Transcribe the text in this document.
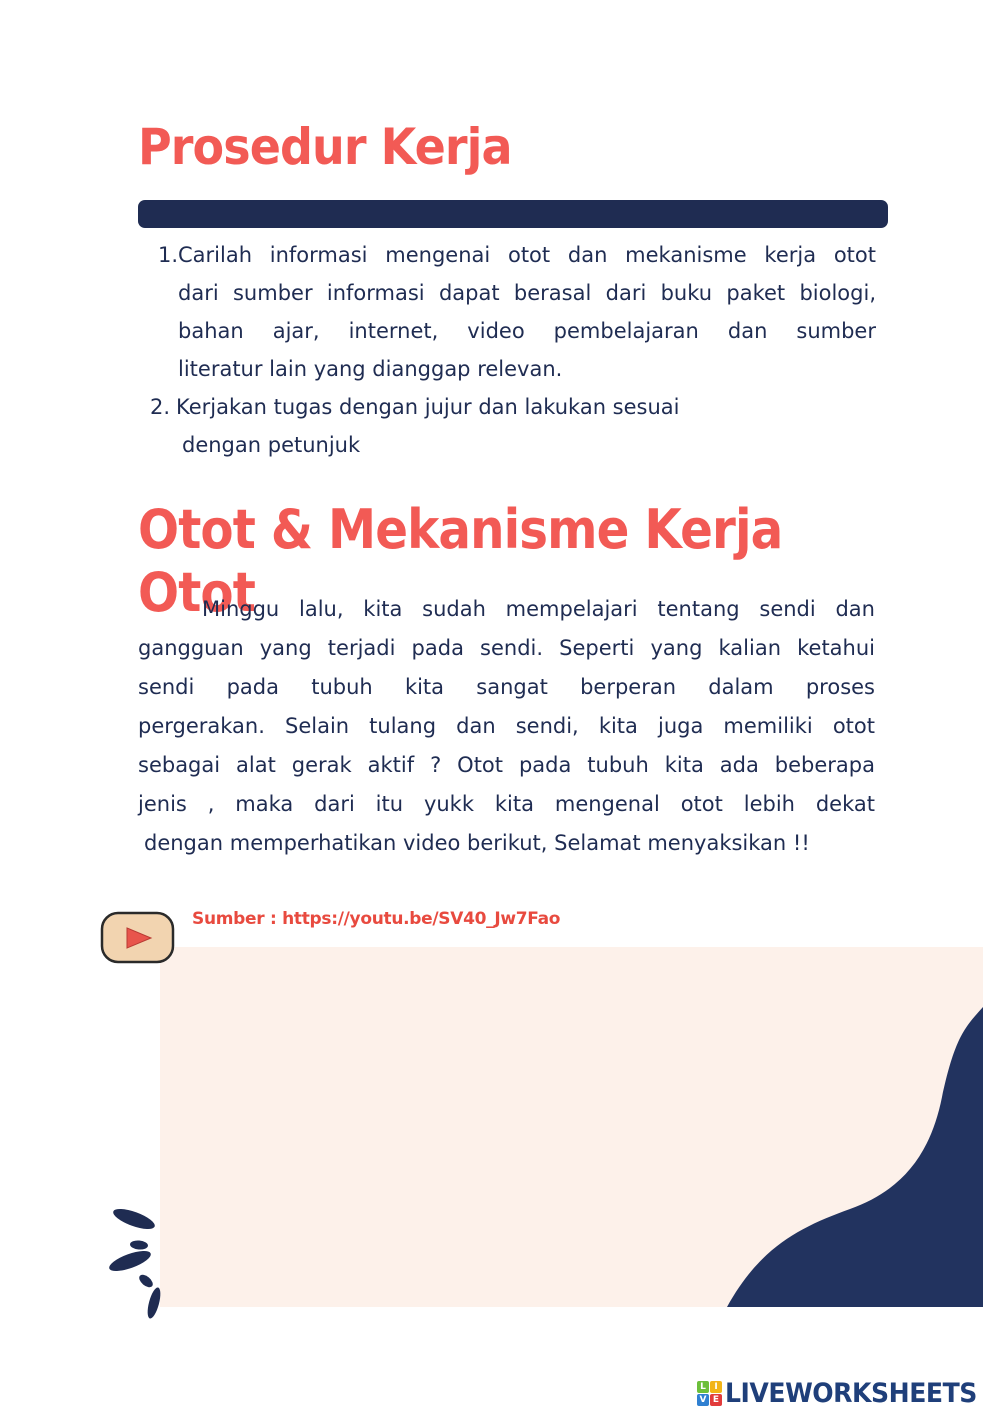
Prosedur Kerja
1. Carilah informasi mengenai otot dan mekanisme kerja otot
dari sumber informasi dapat berasal dari buku paket biologi,
bahan ajar, internet, video pembelajaran dan sumber
literatur lain yang dianggap relevan.
2. Kerjakan tugas dengan jujur dan lakukan sesuai
dengan petunjuk
Otot & Mekanisme Kerja Otot

Minggu lalu, kita sudah mempelajari tentang sendi dan
gangguan yang terjadi pada sendi. Seperti yang kalian ketahui
sendi pada tubuh kita sangat berperan dalam proses
pergerakan. Selain tulang dan sendi, kita juga memiliki otot
sebagai alat gerak aktif ? Otot pada tubuh kita ada beberapa
jenis , maka dari itu yukk kita mengenal otot lebih dekat
dengan memperhatikan video berikut, Selamat menyaksikan !!

Sumber : https://youtu.be/SV40_Jw7Fao
L I
V E LIVEWORKSHEETS
